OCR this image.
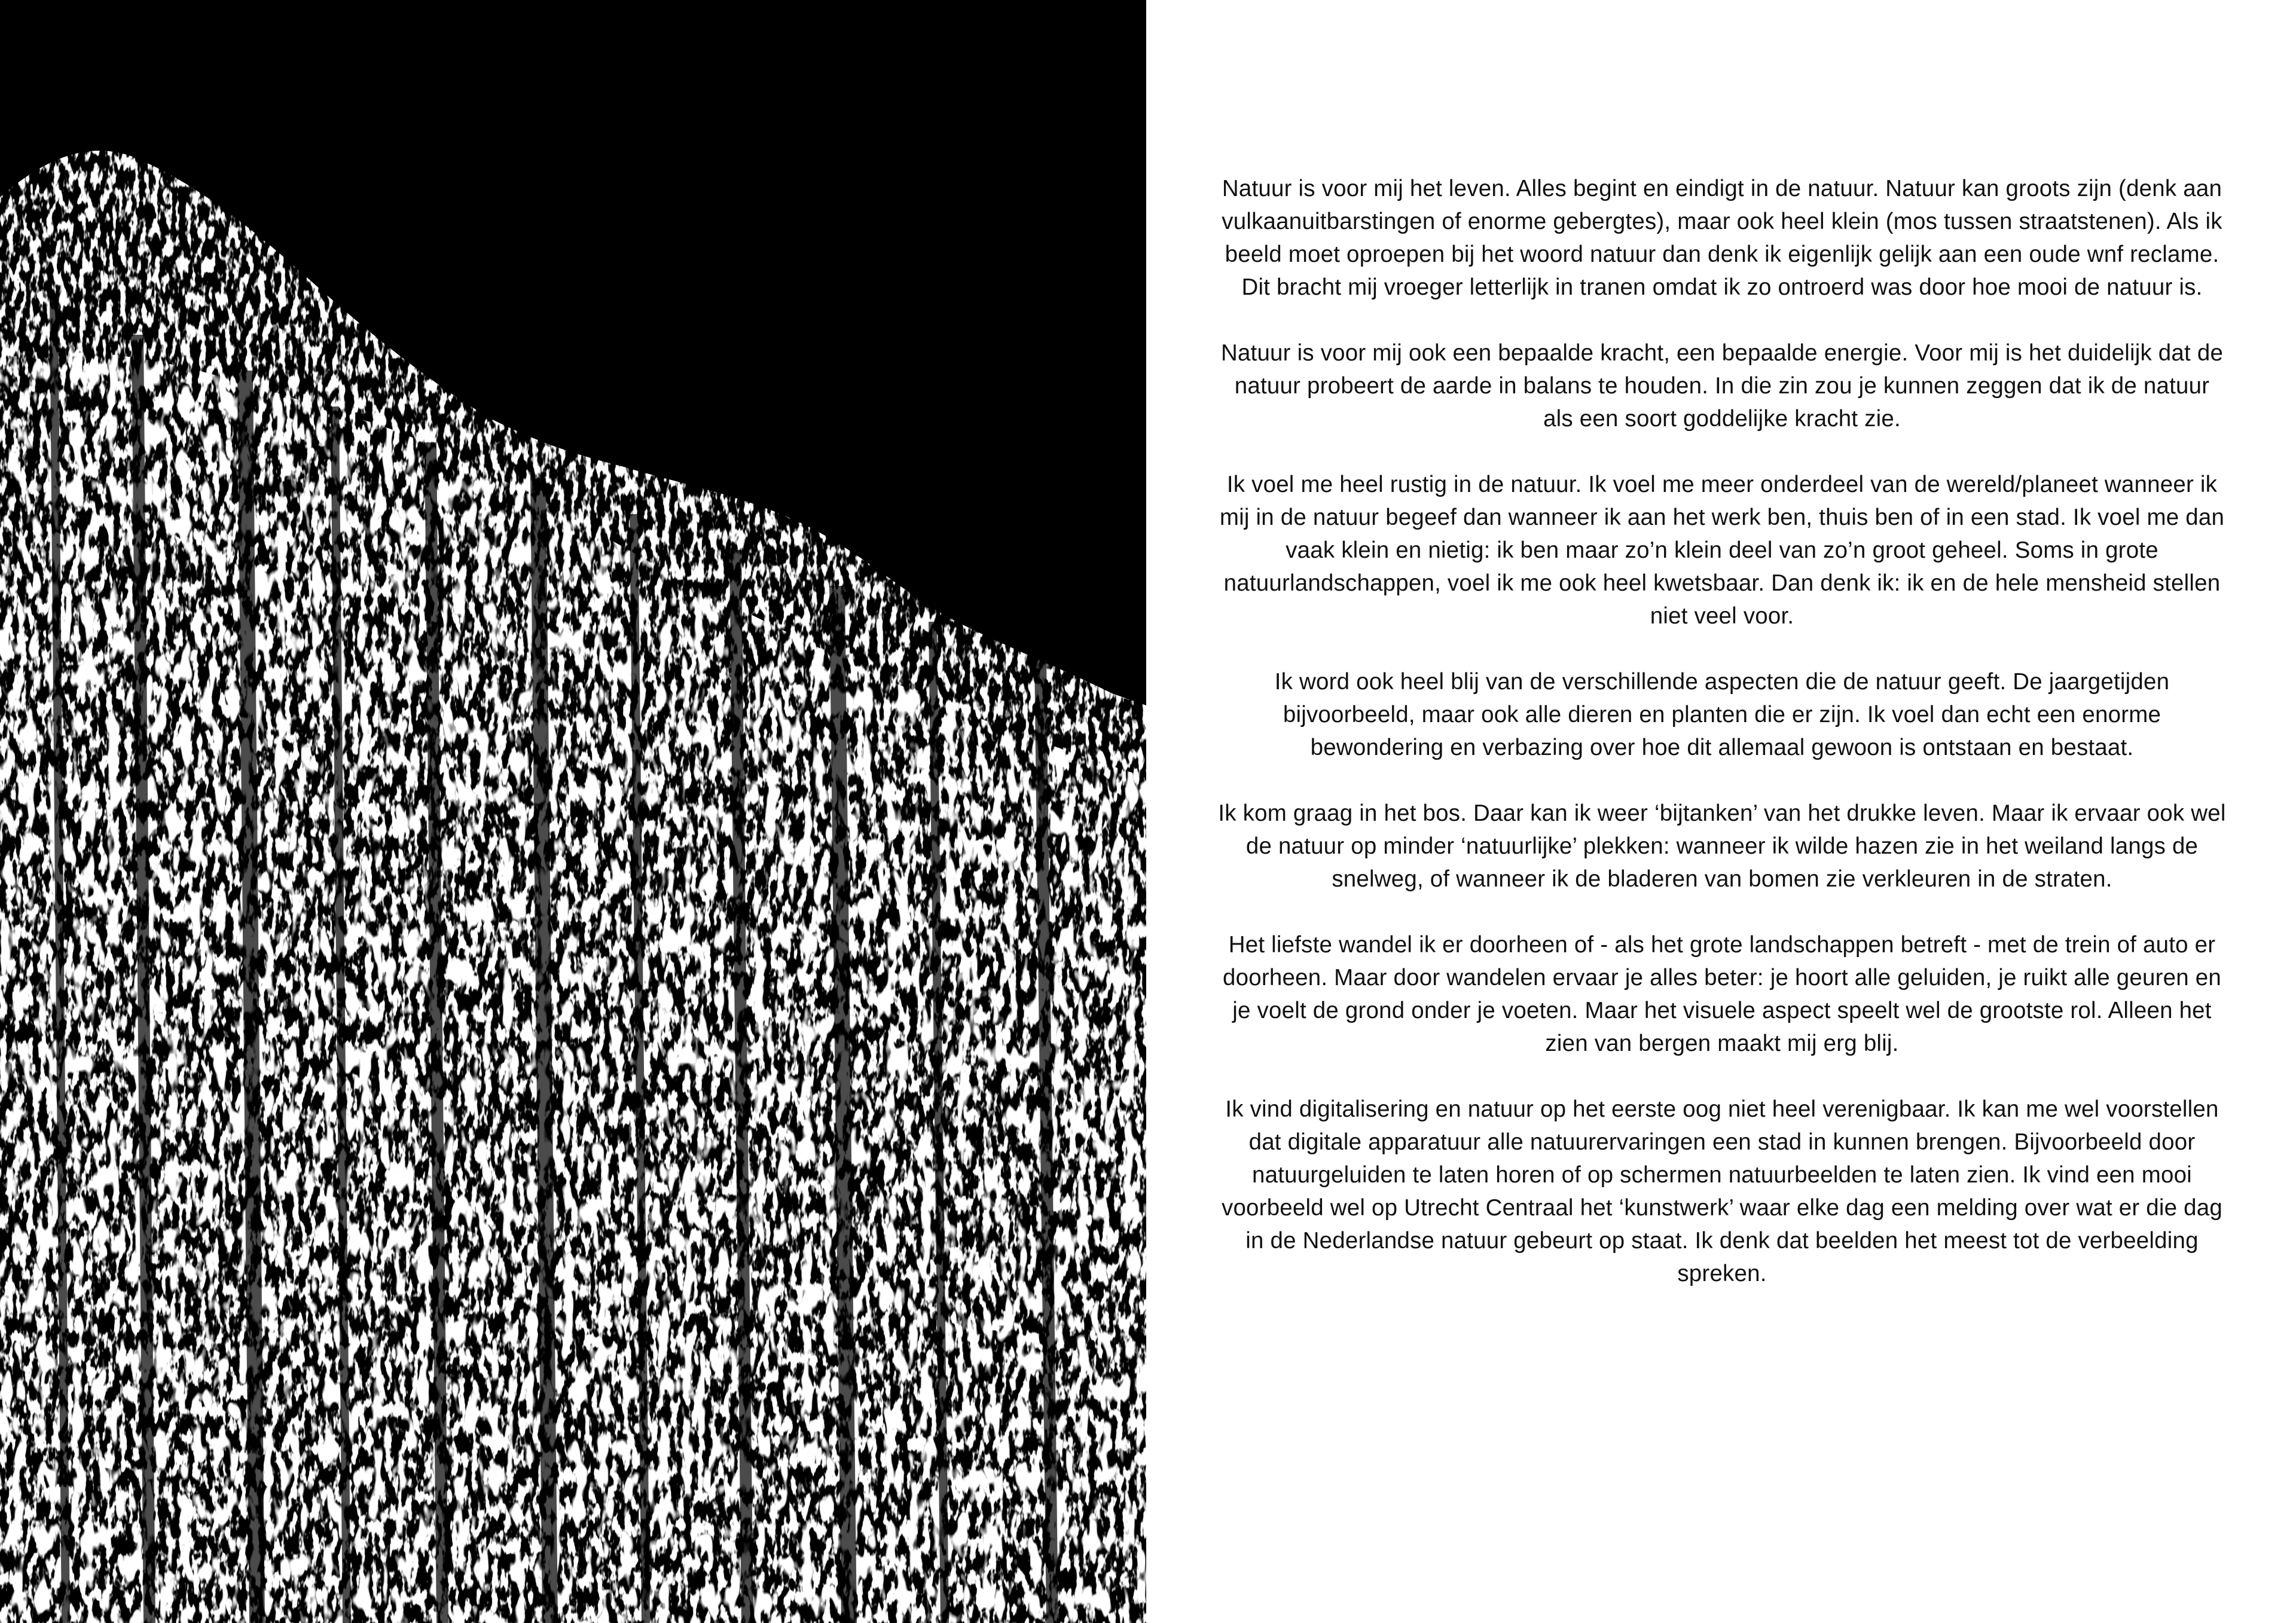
Natuur is voor mij het leven. Alles begint en eindigt in de natuur. Natuur kan groots zijn (denk aan vulkaanuitbarstingen of enorme gebergtes), maar ook heel klein (mos tussen straatstenen). Als ik beeld moet oproepen bij het woord natuur dan denk ik eigenlijk gelijk aan een oude wnf reclame. Dit bracht mij vroeger letterlijk in tranen omdat ik zo ontroerd was door hoe mooi de natuur is.

Natuur is voor mij ook een bepaalde kracht, een bepaalde energie. Voor mij is het duidelijk dat de natuur probeert de aarde in balans te houden. In die zin zou je kunnen zeggen dat ik de natuur als een soort goddelijke kracht zie.

Ik voel me heel rustig in de natuur. Ik voel me meer onderdeel van de wereld/planeet wanneer ik mij in de natuur begeef dan wanneer ik aan het werk ben, thuis ben of in een stad. Ik voel me dan vaak klein en nietig: ik ben maar zo’n klein deel van zo’n groot geheel. Soms in grote natuurlandschappen, voel ik me ook heel kwetsbaar. Dan denk ik: ik en de hele mensheid stellen niet veel voor.

Ik word ook heel blij van de verschillende aspecten die de natuur geeft. De jaargetijden bijvoorbeeld, maar ook alle dieren en planten die er zijn. Ik voel dan echt een enorme bewondering en verbazing over hoe dit allemaal gewoon is ontstaan en bestaat.

Ik kom graag in het bos. Daar kan ik weer ‘bijtanken’ van het drukke leven. Maar ik ervaar ook wel de natuur op minder ‘natuurlijke’ plekken: wanneer ik wilde hazen zie in het weiland langs de snelweg, of wanneer ik de bladeren van bomen zie verkleuren in de straten.

Het liefste wandel ik er doorheen of - als het grote landschappen betreft - met de trein of auto er doorheen. Maar door wandelen ervaar je alles beter: je hoort alle geluiden, je ruikt alle geuren en je voelt de grond onder je voeten. Maar het visuele aspect speelt wel de grootste rol. Alleen het zien van bergen maakt mij erg blij.

Ik vind digitalisering en natuur op het eerste oog niet heel verenigbaar. Ik kan me wel voorstellen dat digitale apparatuur alle natuurervaringen een stad in kunnen brengen. Bijvoorbeeld door natuurgeluiden te laten horen of op schermen natuurbeelden te laten zien. Ik vind een mooi voorbeeld wel op Utrecht Centraal het ‘kunstwerk’ waar elke dag een melding over wat er die dag in de Nederlandse natuur gebeurt op staat. Ik denk dat beelden het meest tot de verbeelding spreken.
